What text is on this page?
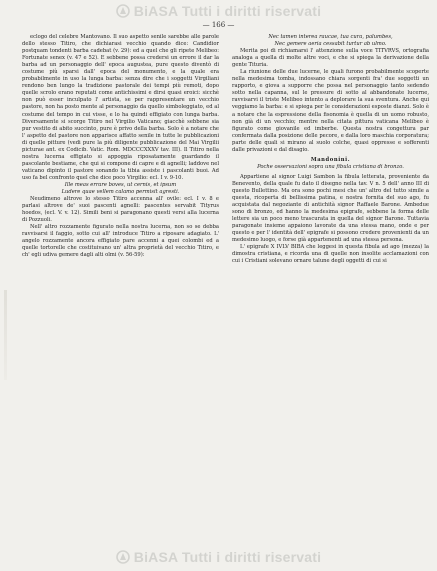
BiASA Tutti i diritti riservati
— 166 —

eclogo del celebre Mantovano. Il suo aspetto senile sarebbe alle parole dello stesso Titiro, che dichiarasi vecchio quando dice: Candidior postquam tondenti barba cadebat (v. 29): ed a quel che gli ripete Melibeo: Fortunate senex (v. 47 e 52). E sebbene possa credersi un errore il dar la barba ad un personaggio dell' epoca augustea, pure questo diventò di costume più sparsi dall' epoca del monumento, e la quale era probabilmente in uso la lunga barba: senza dire che i soggetti Virgiliani rendono ben lungo la tradizione pastorale dei tempi più remoti, dopo quelle scrolo erano reputati come antichissimi e dirsi quasi eroici: sicchè non può esser inculpato l' artista, se per rappresentare un vecchio pastore, non ha posto mente al personaggio da quello simboleggiato, ed al costume del tempo in cui visse, e lo ha quindi effigiato con lunga barba. Diversamente si scorge Titiro nel Virgilio Vaticano; giacchè sebbene sia pur vestito di abito succinto, pure è privo della barba. Solo è a notare che l' aspetto del pastore non apparisce affatto senile in tutte le pubblicazioni di quelle pitture (vedi pure la più diligente pubblicazione del Mai Virgilii picturae ant. ex Codicib. Vatic. Rom. MDCCCXXXV tav. III). Il Titiro nella nostra lucerna effigiato si appoggia riposatamente guardando il pascolante bestiame, che qui si compone di capre e di agnelli; laddove nel vaticano dipinto il pastore sonando la tibia assiste i pascolanti buoi. Ad uso fa bel confronto quel che dice poco Virgilio: ecl. I v. 9-10.

Ille meas errare boves, ut cernis, et ipsum

Ludere quae vellem calamo permisit agresti.

Neudimeno altrove lo stesso Titiro accenna all' ovile: ecl. I v. 8 e parlasi altrove de' suoi pascenti agnelli: pascentes servabit Tityrus hoedos, (ecl. V. v. 12). Simili beni si paragonano questi versi alla lucerna di Pozzuoli.

Nell' altro rozzamente figurato nella nostra lucerna, non so se debba ravvisarsi il faggio, sotto cui all' introduce Titiro a riposare adagiato. L' angelo rozzamente ancora effigiato pare accenni a quei colombi ed a quelle tortorelle che costituivano un' altra proprietà del vecchio Titiro, e ch' egli udiva gemere dagli alti olmi (v. 56-59):

Nec tamen interea raucae, tua cura, palumbes,

Nec gemere aeria cessabit turtur ab ulmo.

Merita poi di richiamarsi l' attenzione sulla voce TITVRVS, ortografia analoga a quella di molte altre voci, e che si spiega la derivazione della gente Tituria.

La riunione delle due lucerne, le quali furono probabilmente scoperte nella medesima tomba, indossano chiara sorgenti fra' due soggetti un rapporto, e giova a supporre che possa nel personaggio tanto sedendo sotto nella capanna, sul le pressure di sotto al abbandonate lucerne, ravvisarvi il triste Melibeo intento a deplorare la sua sventura. Anche qui veggiamo la barba: e si spiega per le considerazioni esposte dianzi. Solo è a notare che la espressione della fisonomia è quella di un uomo robusto, non già di un vecchio; mentre nella citata pittura vaticana Melibeo è figurato come giovanile ed imberbe. Questa nostra congettura par confermata dalla posizione delle pecore, e dalla loro maschia corporatura; parte delle quali si mirano al suolo colche, quasi oppresse e sofferenti dalle privazioni e dal disagio.

Mandonini.

Poche osservazioni sopra una fibula cristiana di bronzo.

Appartiene al signor Luigi Sambon la fibula letterata, proveniente da Benevento, della quale fu dato il disegno nella tav. V n. 5 dell' anno III di questo Bullettino. Ma ora sono pochi mesi che un' altro del tutto simile a questa, ricoperta di bellissima patina, e nostra fornita del suo ago, fu acquistata dal negoziante di antichità signor Raffaele Barone. Ambedue sono di bronzo, ed hanno la medesima epigrafe, sebbene la forma delle lettere sia un poco meno trascurata in quella del signor Barone. Tuttavia paragonate insieme appaiono lavorate da una stessa mano, onde e per questo e per l' identità dell' epigrafe si possono credere provenienti da un medesimo luogo, e forse già appartenenti ad una stessa persona.

L' epigrafe X IVLV BIBA che leggesi in questa fibula ad ago (mezza) la dimostra cristiana, e ricorda una di quelle non insolite acclamazioni con cui i Cristiani solevano ornare talune degli oggetti di cui si

BiASA Tutti i diritti riservati
